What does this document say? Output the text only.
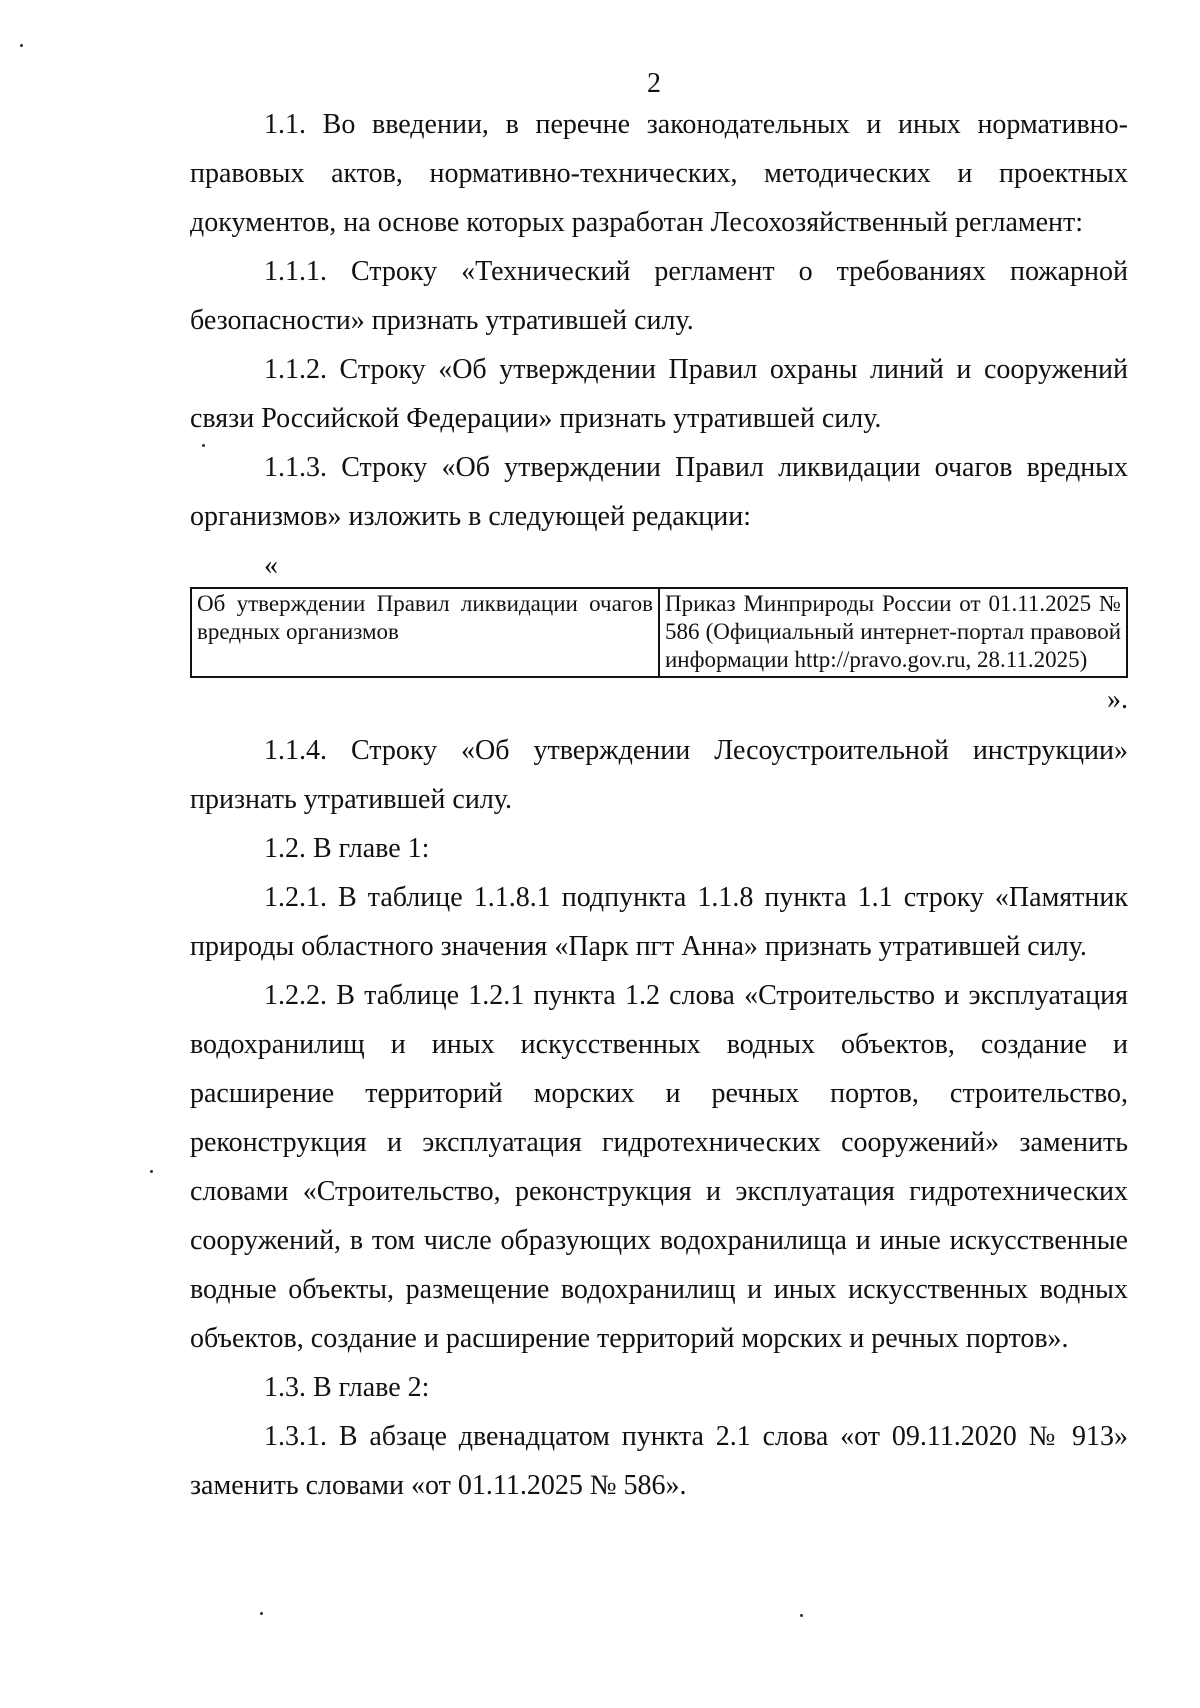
2

1.1. Во введении, в перечне законодательных и иных нормативно-правовых актов, нормативно-технических, методических и проектных документов, на основе которых разработан Лесохозяйственный регламент:

1.1.1. Строку «Технический регламент о требованиях пожарной безопасности» признать утратившей силу.

1.1.2. Строку «Об утверждении Правил охраны линий и сооружений связи Российской Федерации» признать утратившей силу.

1.1.3. Строку «Об утверждении Правил ликвидации очагов вредных организмов» изложить в следующей редакции:

«
Об утверждении Правил ликвидации очагов вредных организмов	Приказ Минприроды России от 01.11.2025 № 586 (Официальный интернет-портал правовой информации http://pravo.gov.ru, 28.11.2025)
».

1.1.4. Строку «Об утверждении Лесоустроительной инструкции» признать утратившей силу.

1.2. В главе 1:

1.2.1. В таблице 1.1.8.1 подпункта 1.1.8 пункта 1.1 строку «Памятник природы областного значения «Парк пгт Анна» признать утратившей силу.

1.2.2. В таблице 1.2.1 пункта 1.2 слова «Строительство и эксплуатация водохранилищ и иных искусственных водных объектов, создание и расширение территорий морских и речных портов, строительство, реконструкция и эксплуатация гидротехнических сооружений» заменить словами «Строительство, реконструкция и эксплуатация гидротехнических сооружений, в том числе образующих водохранилища и иные искусственные водные объекты, размещение водохранилищ и иных искусственных водных объектов, создание и расширение территорий морских и речных портов».

1.3. В главе 2:

1.3.1. В абзаце двенадцатом пункта 2.1 слова «от 09.11.2020 № 913» заменить словами «от 01.11.2025 № 586».
